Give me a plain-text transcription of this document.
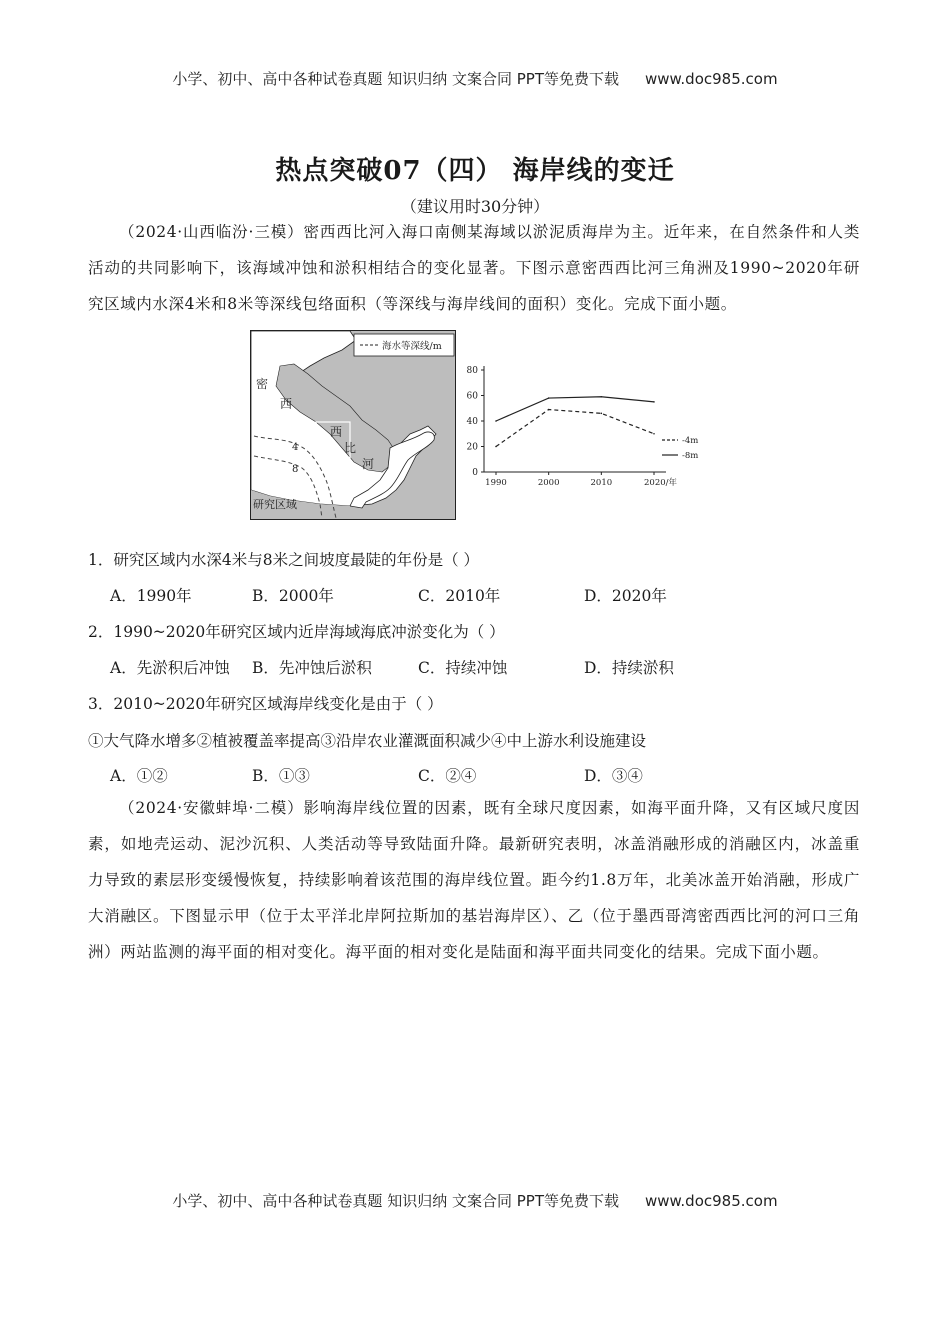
小学、初中、高中各种试卷真题 知识归纳 文案合同 PPT等免费下载 www.doc985.com
热点突破07（四） 海岸线的变迁
（建议用时30分钟）

（2024·山西临汾·三模）密西西比河入海口南侧某海域以淤泥质海岸为主。近年来，在自然条件和人类活动的共同影响下，该海域冲蚀和淤积相结合的变化显著。下图示意密西西比河三角洲及1990~2020年研究区域内水深4米和8米等深线包络面积（等深线与海岸线间的面积）变化。完成下面小题。

海水等深线/m
密
西
西
比
河
4
8
研究区域
0
20
40
60
80
1990	2000	2010	2020/年
-4m
-8m

1．研究区域内水深4米与8米之间坡度最陡的年份是（ ）

A．1990年	B．2000年	C．2010年	D．2020年

2．1990~2020年研究区域内近岸海域海底冲淤变化为（ ）

A．先淤积后冲蚀 B．先冲蚀后淤积	C．持续冲蚀	D．持续淤积

3．2010~2020年研究区域海岸线变化是由于（ ）

①大气降水增多②植被覆盖率提高③沿岸农业灌溉面积减少④中上游水利设施建设

A．①②	B．①③	C．②④	D．③④

（2024·安徽蚌埠·二模）影响海岸线位置的因素，既有全球尺度因素，如海平面升降，又有区域尺度因素，如地壳运动、泥沙沉积、人类活动等导致陆面升降。最新研究表明，冰盖消融形成的消融区内，冰盖重力导致的素层形变缓慢恢复，持续影响着该范围的海岸线位置。距今约1.8万年，北美冰盖开始消融，形成广大消融区。下图显示甲（位于太平洋北岸阿拉斯加的基岩海岸区）、乙（位于墨西哥湾密西西比河的河口三角洲）两站监测的海平面的相对变化。海平面的相对变化是陆面和海平面共同变化的结果。完成下面小题。

小学、初中、高中各种试卷真题 知识归纳 文案合同 PPT等免费下载 www.doc985.com
